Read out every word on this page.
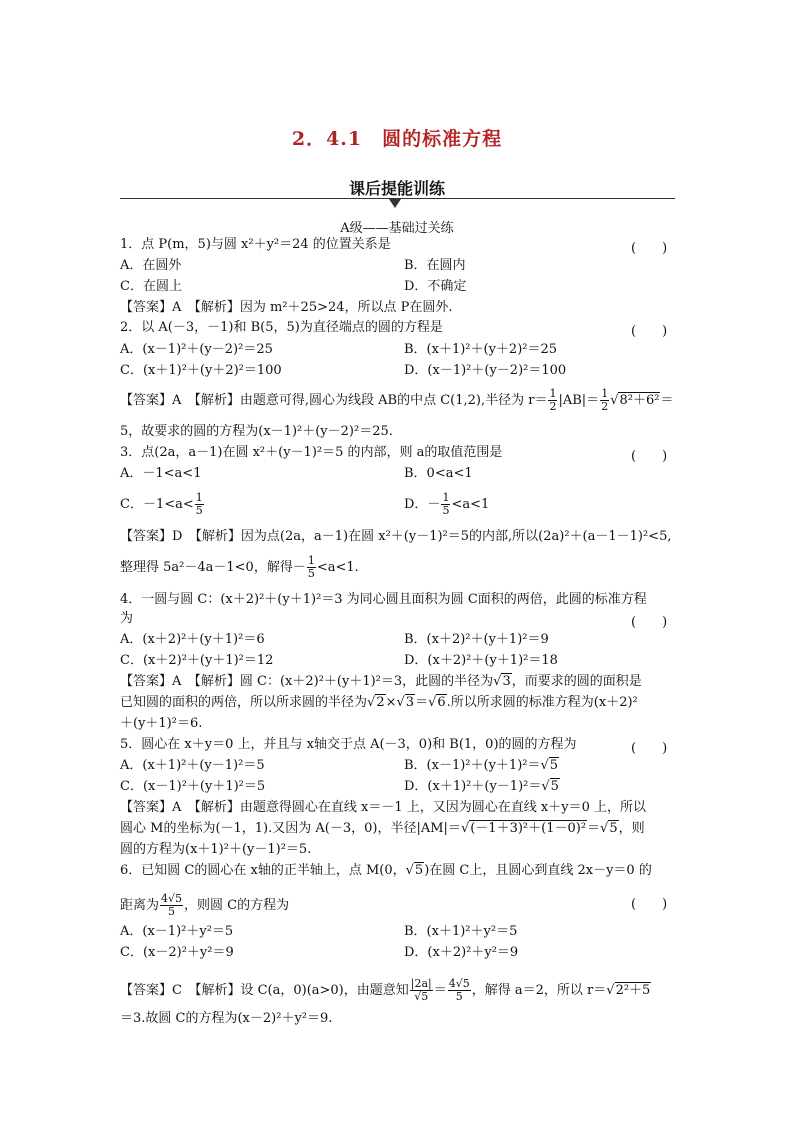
2．4.1　圆的标准方程
课后提能训练
A级——基础过关练
1．点 P(m，5)与圆 x²＋y²＝24 的位置关系是	(　　)
A．在圆外	B．在圆内
C．在圆上	D．不确定
【答案】A　【解析】因为 m²＋25>24，所以点 P在圆外.
2．以 A(－3，－1)和 B(5，5)为直径端点的圆的方程是	(　　)
A．(x－1)²＋(y－2)²＝25	B．(x＋1)²＋(y＋2)²＝25
C．(x＋1)²＋(y＋2)²＝100	D．(x－1)²＋(y－2)²＝100
【答案】A　【解析】由题意可得,圆心为线段 AB的中点 C(1,2),半径为 $r= \frac{1}{2} |AB|= \frac{1}{2} √8^2+6^2=$
5，故要求的圆的方程为(x－1)²＋(y－2)²＝25.
3．点(2a，a－1)在圆 x²＋(y－1)²＝5 的内部，则 a的取值范围是	(　　)
A．－1<a<1	B．0<a<1
C．$-1<a< \frac{1}{5}$	D．－ $\frac{1}{5} <a<1$
【答案】D　【解析】因为点(2a，a－1)在圆 x²＋(y－1)²＝5的内部,所以(2a)²＋(a－1－1)²<5,
整理得 5a²－4a－1<0，解得－ $\frac{1}{5} <a<1$.
4．一圆与圆 C：(x＋2)²＋(y＋1)²＝3 为同心圆且面积为圆 C面积的两倍，此圆的标准方程
为	(　　)
A．(x＋2)²＋(y＋1)²＝6	B．(x＋2)²＋(y＋1)²＝9
C．(x＋2)²＋(y＋1)²＝12	D．(x＋2)²＋(y＋1)²＝18
【答案】A　【解析】圆 C：(x＋2)²＋(y＋1)²＝3，此圆的半径为√3，而要求的圆的面积是
已知圆的面积的两倍，所以所求圆的半径为√2×√3＝√6.所以所求圆的标准方程为(x＋2)²
＋(y＋1)²＝6.
5．圆心在 x＋y＝0 上，并且与 x轴交于点 A(－3，0)和 B(1，0)的圆的方程为	(　　)
A．(x＋1)²＋(y－1)²＝5	B．(x－1)²＋(y＋1)²＝√5
C．(x－1)²＋(y＋1)²＝5	D．(x＋1)²＋(y－1)²＝√5
【答案】A　【解析】由题意得圆心在直线 x＝－1 上，又因为圆心在直线 x＋y＝0 上，所以
圆心 M的坐标为(－1，1).又因为 A(－3，0)，半径|AM|＝√(－1＋3)²＋(1－0)²＝√5，则
圆的方程为(x＋1)²＋(y－1)²＝5.
6．已知圆 C的圆心在 x轴的正半轴上，点 M(0，√5)在圆 C上，且圆心到直线 2x－y＝0 的
距离为 $\frac{4√5}{5}$ ，则圆 C的方程为	(　　)
A．(x－1)²＋y²＝5	B．(x＋1)²＋y²＝5
C．(x－2)²＋y²＝9	D．(x＋2)²＋y²＝9
【答案】C　【解析】设 C(a，0)(a>0)，由题意知 $\frac{|2a|}{√5} = \frac{4√5}{5}$ ，解得 a＝2，所以 r＝√2²＋5
＝3.故圆 C的方程为(x－2)²＋y²＝9.
